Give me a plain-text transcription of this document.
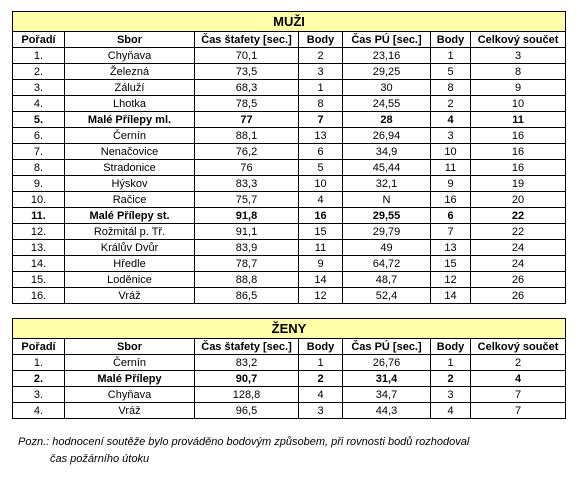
MUŽI						
Pořadí	Sbor	Čas štafety [sec.]	Body	Čas PÚ [sec.]	Body	Celkový součet
1.	Chyňava	70,1	2	23,16	1	3
2.	Železná	73,5	3	29,25	5	8
3.	Záluží	68,3	1	30	8	9
4.	Lhotka	78,5	8	24,55	2	10
5.	Malé Přílepy ml.	77	7	28	4	11
6.	Černín	88,1	13	26,94	3	16
7.	Nenačovice	76,2	6	34,9	10	16
8.	Stradonice	76	5	45,44	11	16
9.	Hýskov	83,3	10	32,1	9	19
10.	Račice	75,7	4	N	16	20
11.	Malé Přílepy st.	91,8	16	29,55	6	22
12.	Rožmitál p. Tř.	91,1	15	29,79	7	22
13.	Králův Dvůr	83,9	11	49	13	24
14.	Hředle	78,7	9	64,72	15	24
15.	Loděnice	88,8	14	48,7	12	26
16.	Vráž	86,5	12	52,4	14	26
ŽENY						
Pořadí	Sbor	Čas štafety [sec.]	Body	Čas PÚ [sec.]	Body	Celkový součet
1.	Černín	83,2	1	26,76	1	2
2.	Malé Přílepy	90,7	2	31,4	2	4
3.	Chyňava	128,8	4	34,7	3	7
4.	Vráž	96,5	3	44,3	4	7

Pozn.: hodnocení soutěže bylo prováděno bodovým způsobem, při rovnosti bodů rozhodoval

čas požárního útoku
